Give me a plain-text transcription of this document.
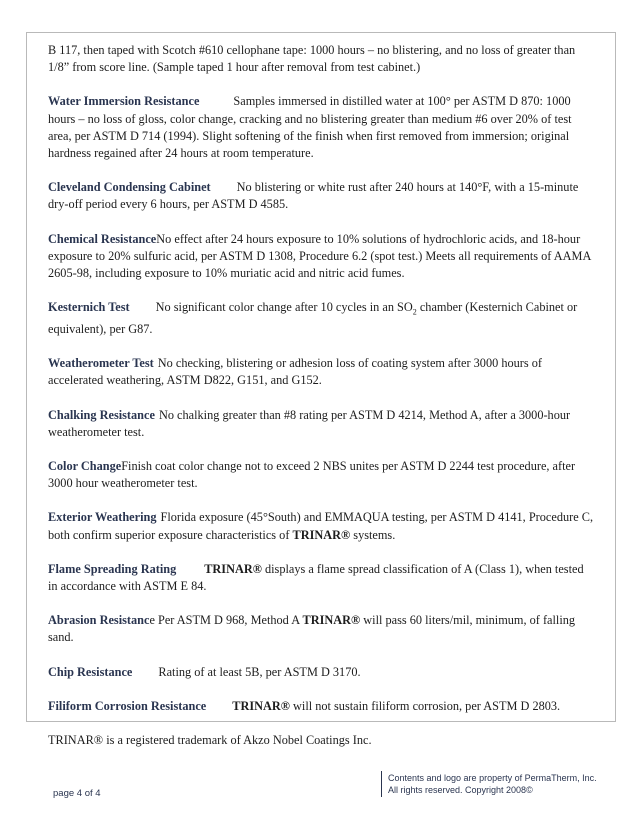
B 117, then taped with Scotch #610 cellophane tape: 1000 hours – no blistering, and no loss of greater than 1/8” from score line. (Sample taped 1 hour after removal from test cabinet.)

Water Immersion Resistance	Samples immersed in distilled water at 100° per ASTM D 870: 1000 hours – no loss of gloss, color change, cracking and no blistering greater than medium #6 over 20% of test area, per ASTM D 714 (1994). Slight softening of the finish when first removed from immersion; original hardness regained after 24 hours at room temperature.

Cleveland Condensing Cabinet No blistering or white rust after 240 hours at 140°F, with a 15-minute dry-off period every 6 hours, per ASTM D 4585.

Chemical ResistanceNo effect after 24 hours exposure to 10% solutions of hydrochloric acids, and 18-hour exposure to 20% sulfuric acid, per ASTM D 1308, Procedure 6.2 (spot test.) Meets all requirements of AAMA 2605-98, including exposure to 10% muriatic acid and nitric acid fumes.

Kesternich Test No significant color change after 10 cycles in an $SO_2$ chamber (Kesternich Cabinet or equivalent), per G87.

Weatherometer Test No checking, blistering or adhesion loss of coating system after 3000 hours of accelerated weathering, ASTM D822, G151, and G152.

Chalking Resistance No chalking greater than #8 rating per ASTM D 4214, Method A, after a 3000-hour weatherometer test.

Color ChangeFinish coat color change not to exceed 2 NBS unites per ASTM D 2244 test procedure, after 3000 hour weatherometer test.

Exterior Weathering Florida exposure (45°South) and EMMAQUA testing, per ASTM D 4141, Procedure C, both confirm superior exposure characteristics of TRINAR® systems.

Flame Spreading Rating TRINAR® displays a flame spread classification of A (Class 1), when tested in accordance with ASTM E 84.

Abrasion Resistance Per ASTM D 968, Method A TRINAR® will pass 60 liters/mil, minimum, of falling sand.

Chip Resistance Rating of at least 5B, per ASTM D 3170.

Filiform Corrosion Resistance TRINAR® will not sustain filiform corrosion, per ASTM D 2803.

TRINAR® is a registered trademark of Akzo Nobel Coatings Inc.

page 4 of 4
Contents and logo are property of PermaTherm, Inc.
All rights reserved. Copyright 2008©
